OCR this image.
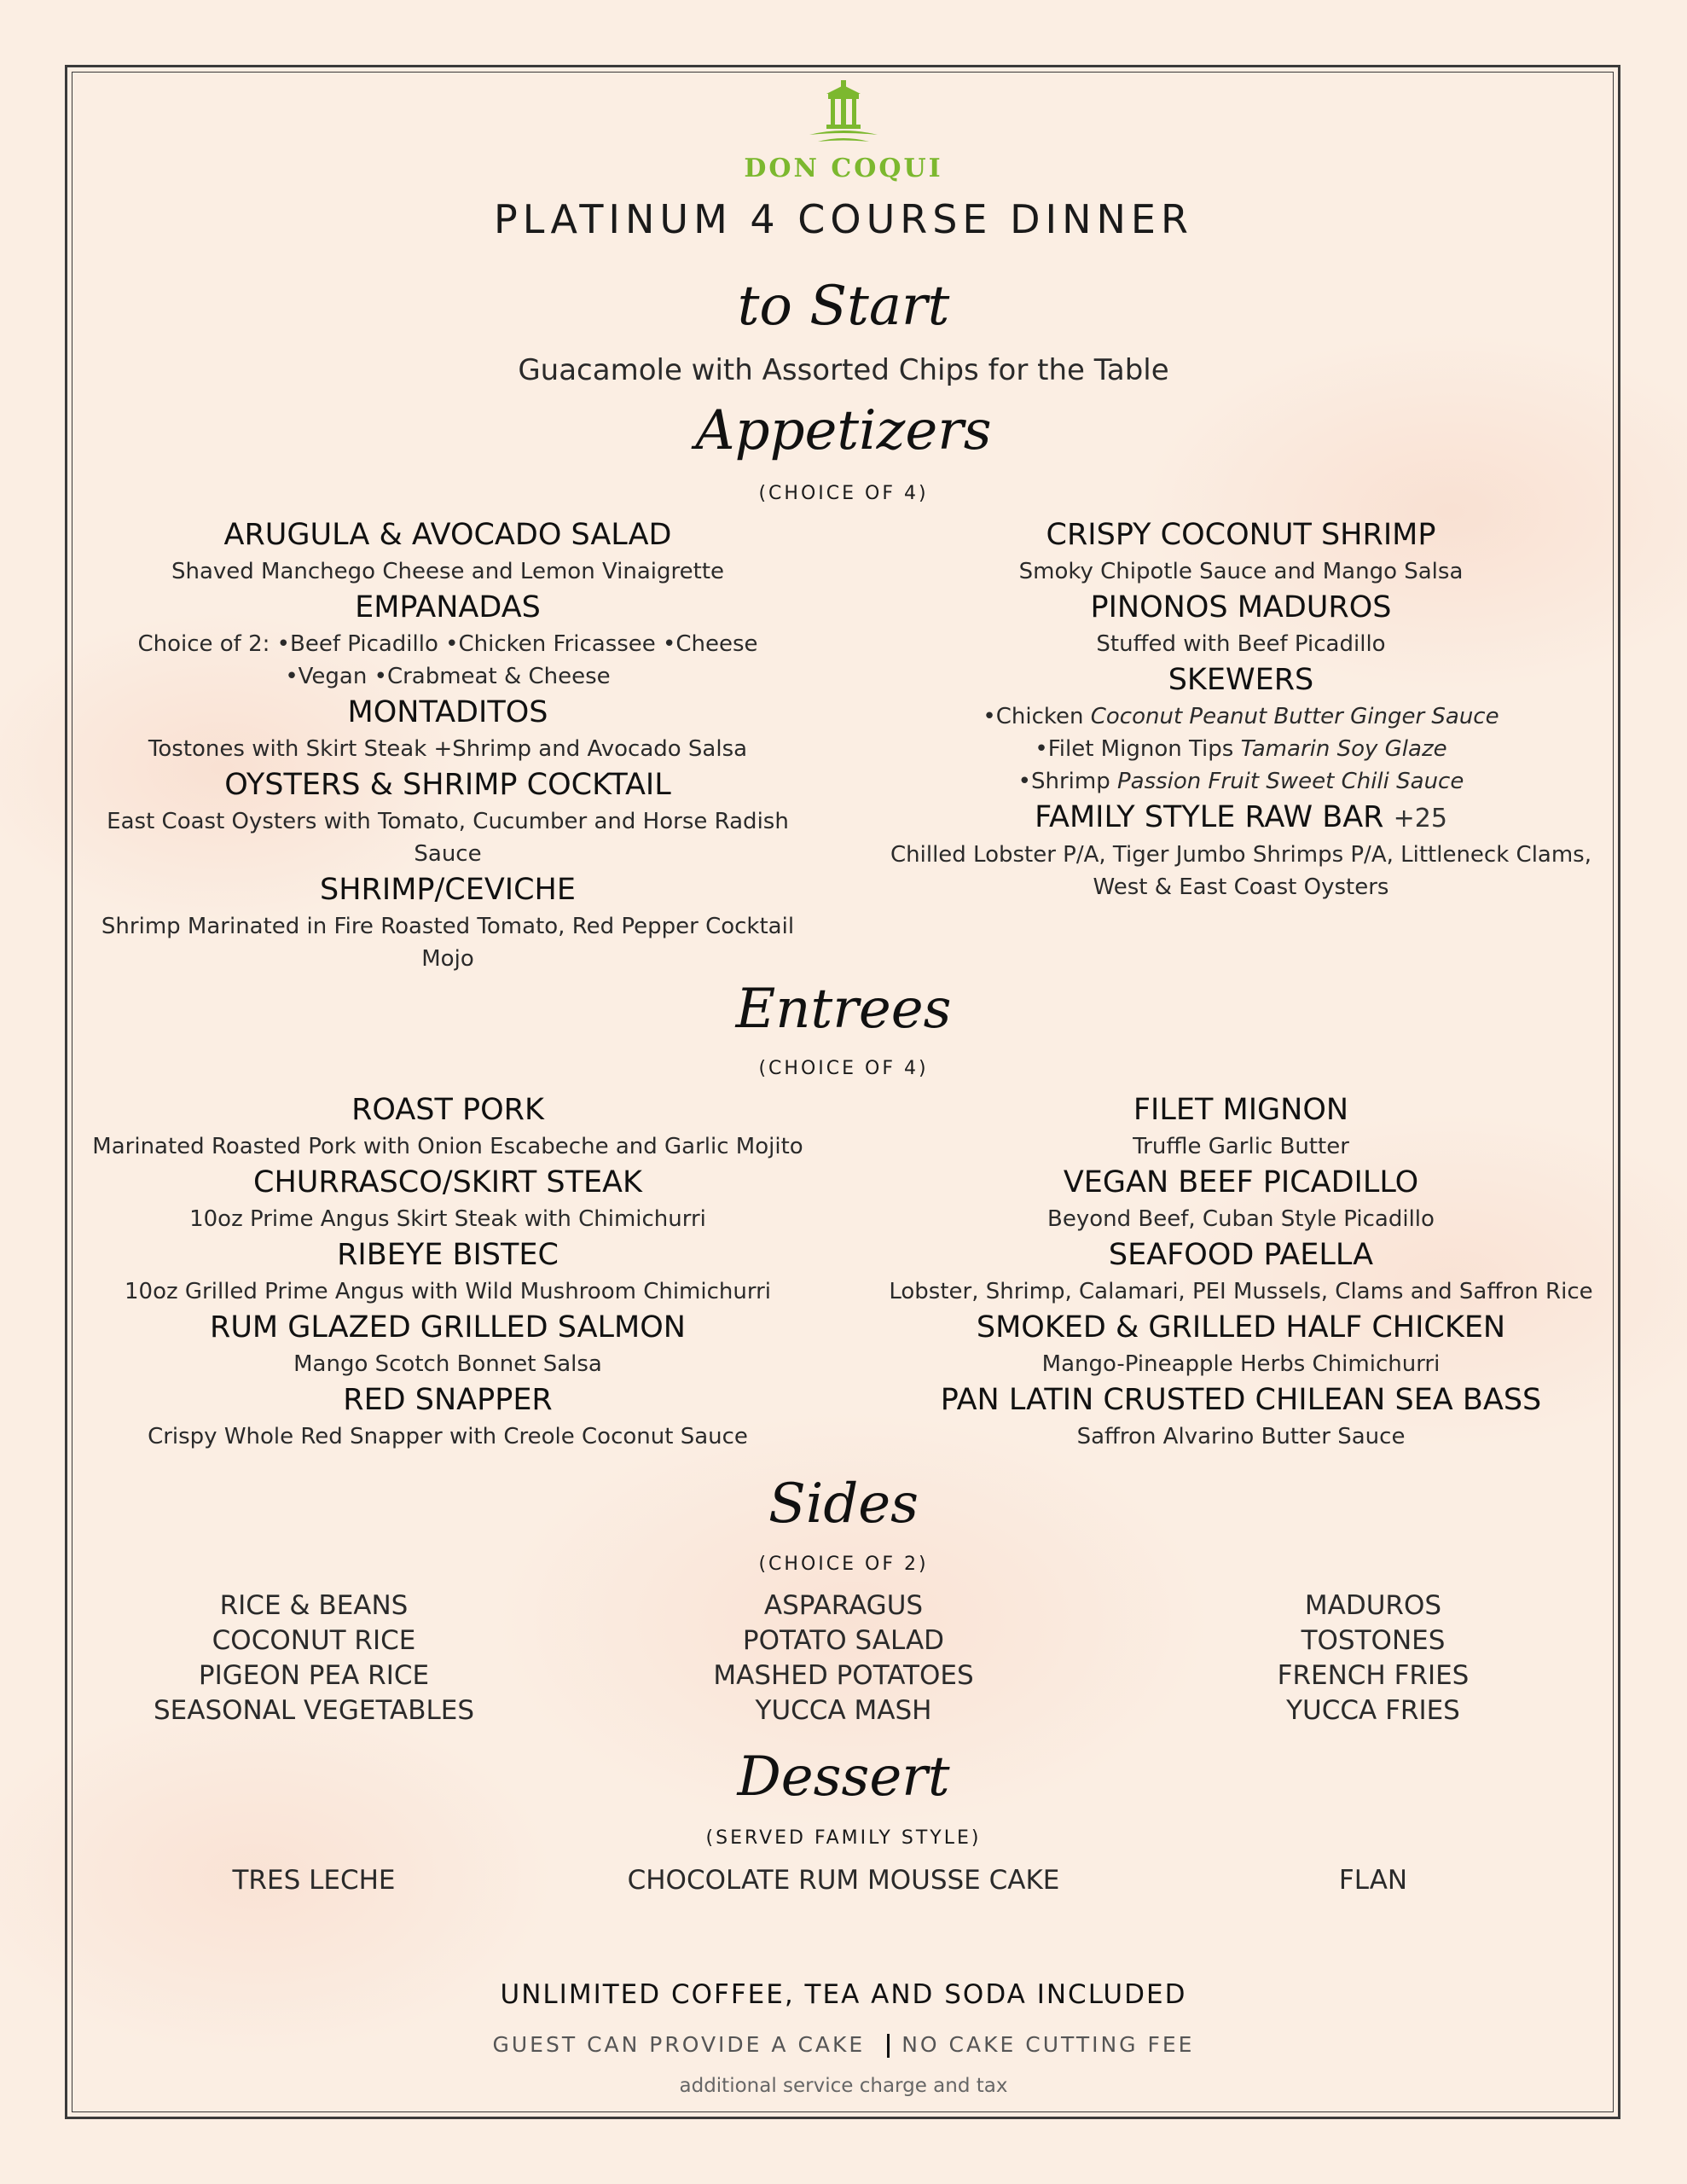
DON COQUI
PLATINUM 4 COURSE DINNER
to Start
Guacamole with Assorted Chips for the Table
Appetizers
(CHOICE OF 4)
ARUGULA & AVOCADO SALAD
Shaved Manchego Cheese and Lemon Vinaigrette
EMPANADAS
Choice of 2: •Beef Picadillo •Chicken Fricassee •Cheese
•Vegan •Crabmeat & Cheese
MONTADITOS
Tostones with Skirt Steak +Shrimp and Avocado Salsa
OYSTERS & SHRIMP COCKTAIL
East Coast Oysters with Tomato, Cucumber and Horse Radish
Sauce
SHRIMP/CEVICHE
Shrimp Marinated in Fire Roasted Tomato, Red Pepper Cocktail
Mojo
CRISPY COCONUT SHRIMP
Smoky Chipotle Sauce and Mango Salsa
PINONOS MADUROS
Stuffed with Beef Picadillo
SKEWERS
•Chicken Coconut Peanut Butter Ginger Sauce
•Filet Mignon Tips Tamarin Soy Glaze
•Shrimp Passion Fruit Sweet Chili Sauce
FAMILY STYLE RAW BAR +25
Chilled Lobster P/A, Tiger Jumbo Shrimps P/A, Littleneck Clams,
West & East Coast Oysters
Entrees
(CHOICE OF 4)
ROAST PORK
Marinated Roasted Pork with Onion Escabeche and Garlic Mojito
CHURRASCO/SKIRT STEAK
10oz Prime Angus Skirt Steak with Chimichurri
RIBEYE BISTEC
10oz Grilled Prime Angus with Wild Mushroom Chimichurri
RUM GLAZED GRILLED SALMON
Mango Scotch Bonnet Salsa
RED SNAPPER
Crispy Whole Red Snapper with Creole Coconut Sauce
FILET MIGNON
Truffle Garlic Butter
VEGAN BEEF PICADILLO
Beyond Beef, Cuban Style Picadillo
SEAFOOD PAELLA
Lobster, Shrimp, Calamari, PEI Mussels, Clams and Saffron Rice
SMOKED & GRILLED HALF CHICKEN
Mango-Pineapple Herbs Chimichurri
PAN LATIN CRUSTED CHILEAN SEA BASS
Saffron Alvarino Butter Sauce
Sides
(CHOICE OF 2)
RICE & BEANS
COCONUT RICE
PIGEON PEA RICE
SEASONAL VEGETABLES
ASPARAGUS
POTATO SALAD
MASHED POTATOES
YUCCA MASH
MADUROS
TOSTONES
FRENCH FRIES
YUCCA FRIES
Dessert
(SERVED FAMILY STYLE)
TRES LECHE	CHOCOLATE RUM MOUSSE CAKE	FLAN
UNLIMITED COFFEE, TEA AND SODA INCLUDED
GUEST CAN PROVIDE A CAKE NO CAKE CUTTING FEE
additional service charge and tax
